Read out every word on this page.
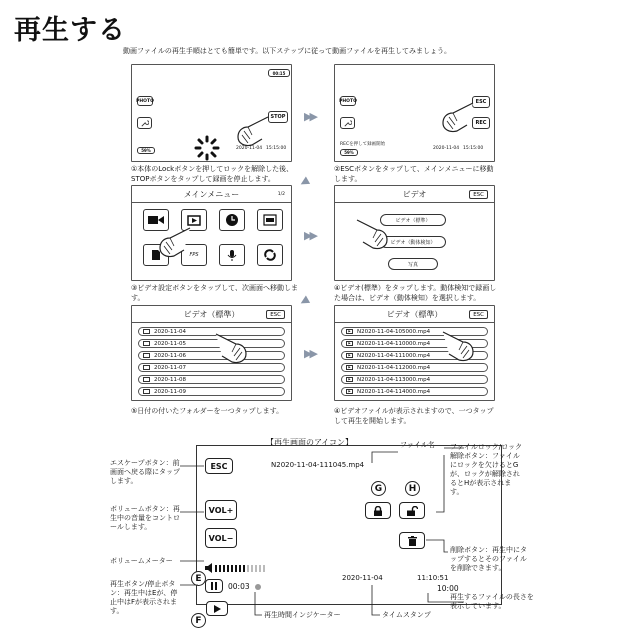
再生する
動画ファイルの再生手順はとても簡単です。以下ステップに従って動画ファイルを再生してみましょう。
PHOTO
59%
STOP
00:15
2020-11-04 15:15:00
①本体のLockボタンを押してロックを解除した後、STOPボタンをタップして録画を停止します。
▶▶
PHOTO
RECを押して録画開始
59%
ESC
REC
2020-11-04 15:15:00
②ESCボタンをタップして、メインメニューに移動します。
◀
メインメニュー	1/2
FPS
③ビデオ設定ボタンをタップして、次画面へ移動します。
▶▶
ビデオ	ESC
ビデオ（標準）
ビデオ（動体検知）
写真
④ビデオ(標準）をタップします。動体検知で録画した場合は、ビデオ（動体検知）を選択します。
◀
ビデオ（標準）	ESC
2020-11-04
2020-11-05
2020-11-06
2020-11-07
2020-11-08
2020-11-09
⑤日付の付いたフォルダーを一つタップします。
▶▶
ビデオ（標準）	ESC
▶	N2020-11-04-105000.mp4
▶	N2020-11-04-110000.mp4
▶	N2020-11-04-111000.mp4
▶	N2020-11-04-112000.mp4
▶	N2020-11-04-113000.mp4
▶	N2020-11-04-114000.mp4
④ビデオファイルが表示されますので、一つタップして再生を開始します。
【再生画面のアイコン】	ファイル名
ESC	N2020-11-04-111045.mp4
VOL+
VOL−
00:03
2020-11-04	11:10:51
10:00
G	H
E
F
エスケープボタン：前画面へ戻る際にタップします。
ボリュームボタン：再生中の音量をコントロールします。
ボリュームメーター
再生ボタン/停止ボタン：再生中はEが、停止中はFが表示されます。
ファイルロック/ロック解除ボタン：ファイルにロックを欠けるとGが、ロックが解除されるとHが表示されます。
削除ボタン：再生中にタップするとそのファイルを削除できます。
再生するファイルの長さを表示しています。
再生時間インジケーター	タイムスタンプ
